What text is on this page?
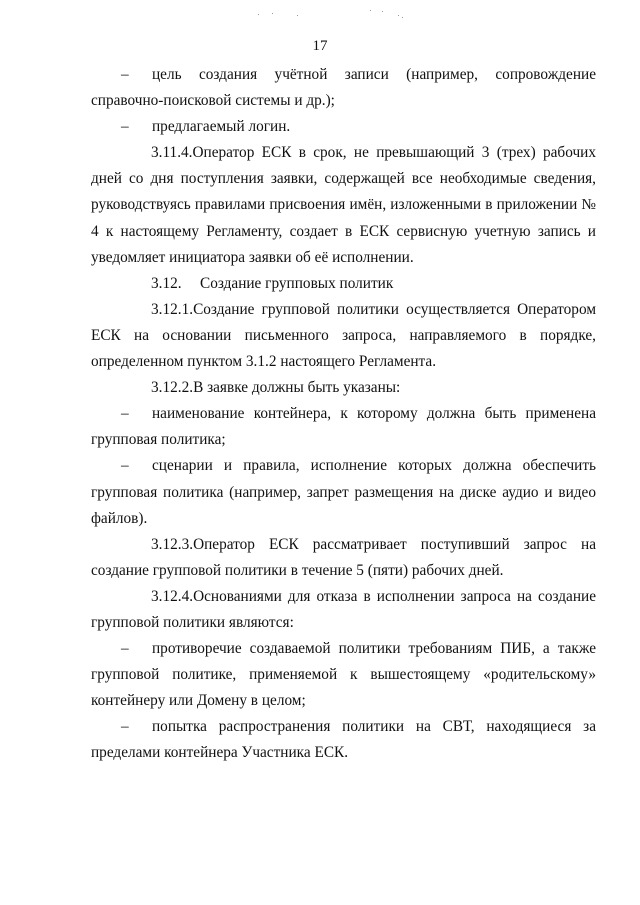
17

– цель создания учётной записи (например, сопровождение справочно-поисковой системы и др.);

– предлагаемый логин.

3.11.4.Оператор ЕСК в срок, не превышающий 3 (трех) рабочих дней со дня поступления заявки, содержащей все необходимые сведения, руководствуясь правилами присвоения имён, изложенными в приложении № 4 к настоящему Регламенту, создает в ЕСК сервисную учетную запись и уведомляет инициатора заявки об её исполнении.

3.12. Создание групповых политик

3.12.1.Создание групповой политики осуществляется Оператором ЕСК на основании письменного запроса, направляемого в порядке, определенном пунктом 3.1.2 настоящего Регламента.

3.12.2.В заявке должны быть указаны:

– наименование контейнера, к которому должна быть применена групповая политика;

– сценарии и правила, исполнение которых должна обеспечить групповая политика (например, запрет размещения на диске аудио и видео файлов).

3.12.3.Оператор ЕСК рассматривает поступивший запрос на создание групповой политики в течение 5 (пяти) рабочих дней.

3.12.4.Основаниями для отказа в исполнении запроса на создание групповой политики являются:

– противоречие создаваемой политики требованиям ПИБ, а также групповой политике, применяемой к вышестоящему «родительскому» контейнеру или Домену в целом;

– попытка распространения политики на СВТ, находящиеся за пределами контейнера Участника ЕСК.
